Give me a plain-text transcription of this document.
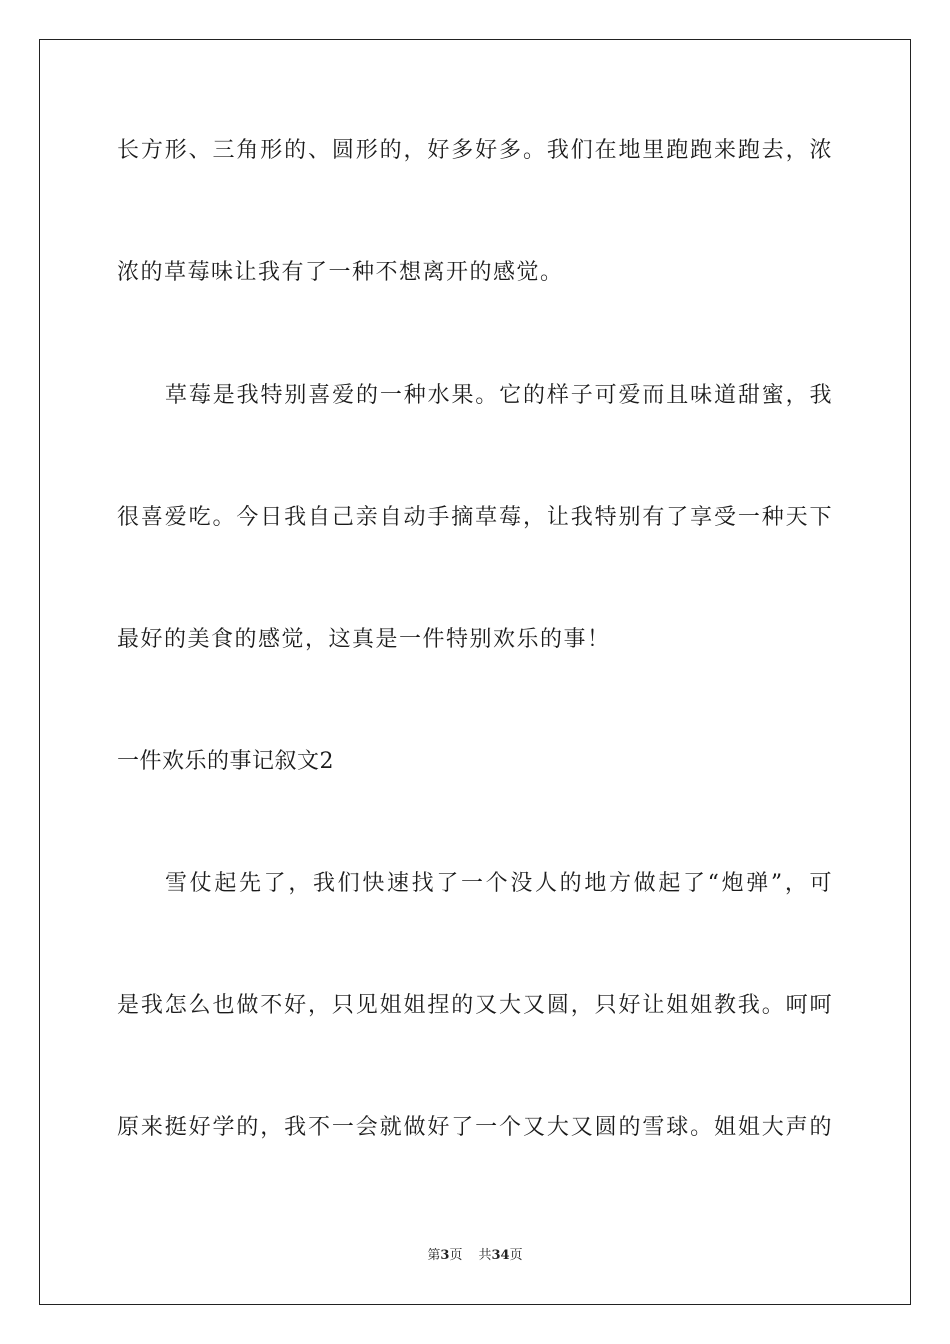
长方形、三角形的、圆形的，好多好多。我们在地里跑跑来跑去，浓
浓的草莓味让我有了一种不想离开的感觉。
草莓是我特别喜爱的一种水果。它的样子可爱而且味道甜蜜，我
很喜爱吃。今日我自己亲自动手摘草莓，让我特别有了享受一种天下
最好的美食的感觉，这真是一件特别欢乐的事！
一件欢乐的事记叙文2
雪仗起先了，我们快速找了一个没人的地方做起了“炮弹”，可
是我怎么也做不好，只见姐姐捏的又大又圆，只好让姐姐教我。呵呵
原来挺好学的，我不一会就做好了一个又大又圆的雪球。姐姐大声的
第3页 共34页
